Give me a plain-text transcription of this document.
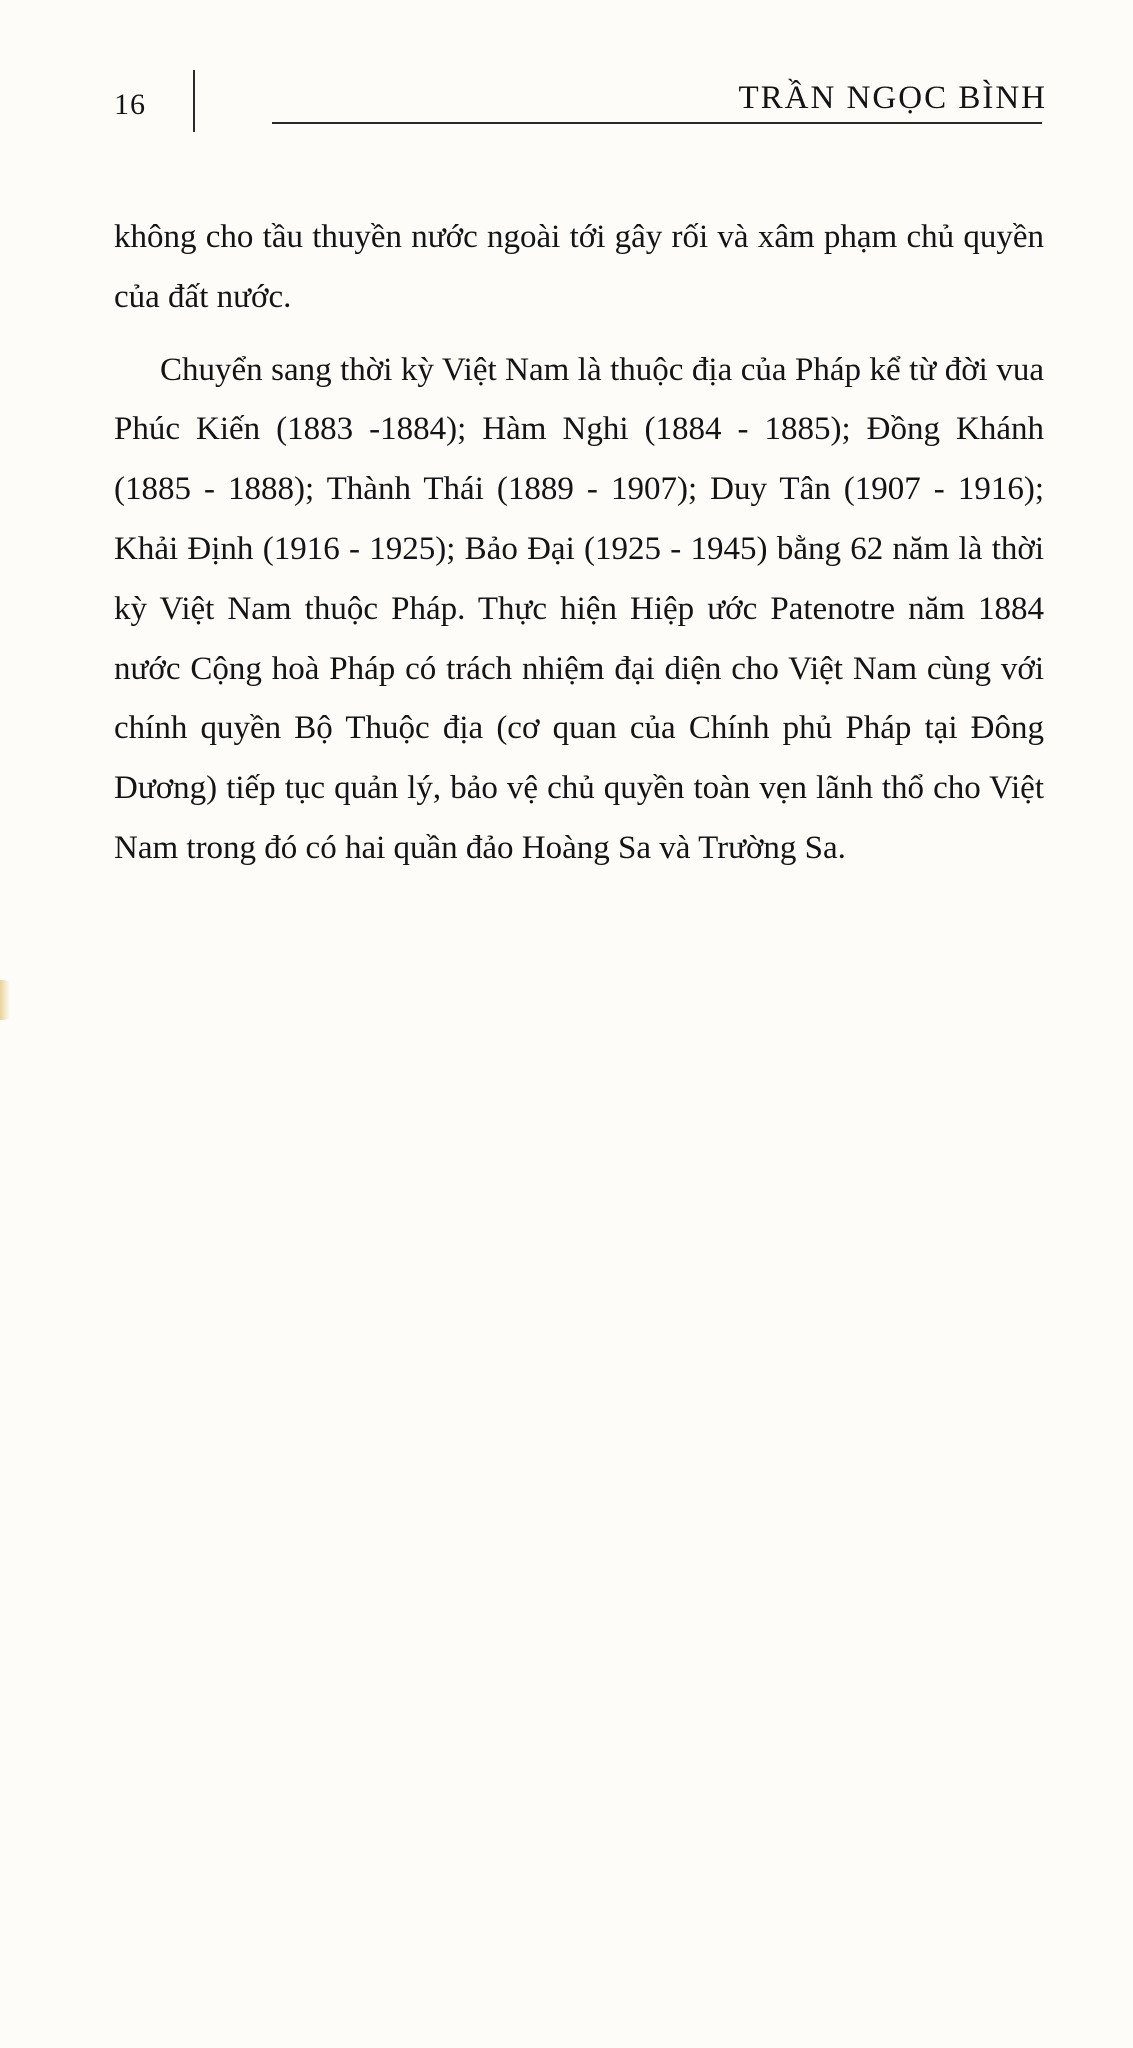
16	TRẦN NGỌC BÌNH

không cho tầu thuyền nước ngoài tới gây rối và xâm phạm chủ quyền của đất nước.

Chuyển sang thời kỳ Việt Nam là thuộc địa của Pháp kể từ đời vua Phúc Kiến (1883 -1884); Hàm Nghi (1884 - 1885); Đồng Khánh (1885 - 1888); Thành Thái (1889 - 1907); Duy Tân (1907 - 1916); Khải Định (1916 - 1925); Bảo Đại (1925 - 1945) bằng 62 năm là thời kỳ Việt Nam thuộc Pháp. Thực hiện Hiệp ước Patenotre năm 1884 nước Cộng hoà Pháp có trách nhiệm đại diện cho Việt Nam cùng với chính quyền Bộ Thuộc địa (cơ quan của Chính phủ Pháp tại Đông Dương) tiếp tục quản lý, bảo vệ chủ quyền toàn vẹn lãnh thổ cho Việt Nam trong đó có hai quần đảo Hoàng Sa và Trường Sa.
